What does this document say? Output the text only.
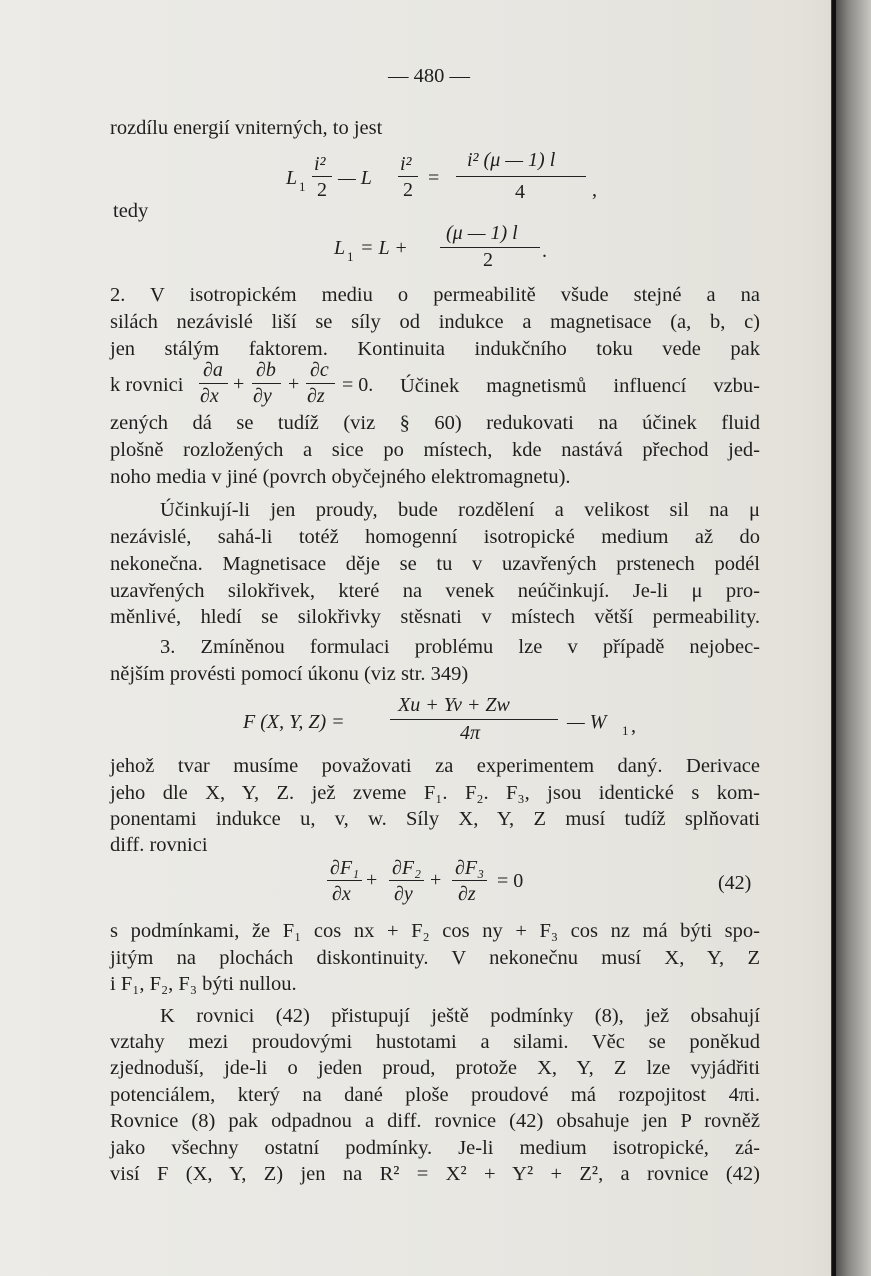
— 480 —
rozdílu energií vniterných, to jest
L 1
i²
2
— L
i²
2
=
i² (μ — 1) l
4	,
tedy
L 1 = L +
(μ — 1) l
2 .
2. V isotropickém mediu o permeabilitě všude stejné a na
silách nezávislé liší se síly od indukce a magnetisace (a, b, c)
jen stálým faktorem. Kontinuita indukčního toku vede pak
k rovnici
∂a
∂x
+
∂b
∂y
+
∂c
∂z = 0. Účinek magnetismů influencí vzbu-
zených dá se tudíž (viz § 60) redukovati na účinek fluid
plošně rozložených a sice po místech, kde nastává přechod jed-
noho media v jiné (povrch obyčejného elektromagnetu).
Účinkují-li jen proudy, bude rozdělení a velikost sil na μ
nezávislé, sahá-li totéž homogenní isotropické medium až do
nekonečna. Magnetisace děje se tu v uzavřených prstenech podél
uzavřených silokřivek, které na venek neúčinkují. Je-li μ pro-
měnlivé, hledí se silokřivky stěsnati v místech větší permeability.
3. Zmíněnou formulaci problému lze v případě nejobec-
nějším provésti pomocí úkonu (viz str. 349)
F (X, Y, Z) =
Xu + Yv + Zw
4π	— W 1 ,
jehož tvar musíme považovati za experimentem daný. Derivace
jeho dle X, Y, Z. jež zveme F₁. F₂. F₃, jsou identické s kom-
ponentami indukce u, v, w. Síly X, Y, Z musí tudíž splňovati
diff. rovnici
∂F₁
∂x
+
∂F₂
∂y
+
∂F₃
∂z
= 0	(42)
s podmínkami, že F₁ cos nx + F₂ cos ny + F₃ cos nz má býti spo-
jitým na plochách diskontinuity. V nekonečnu musí X, Y, Z
i F₁, F₂, F₃ býti nullou.
K rovnici (42) přistupují ještě podmínky (8), jež obsahují
vztahy mezi proudovými hustotami a silami. Věc se poněkud
zjednoduší, jde-li o jeden proud, protože X, Y, Z lze vyjádřiti
potenciálem, který na dané ploše proudové má rozpojitost 4πi.
Rovnice (8) pak odpadnou a diff. rovnice (42) obsahuje jen P rovněž
jako všechny ostatní podmínky. Je-li medium isotropické, zá-
visí F (X, Y, Z) jen na R² = X² + Y² + Z², a rovnice (42)
